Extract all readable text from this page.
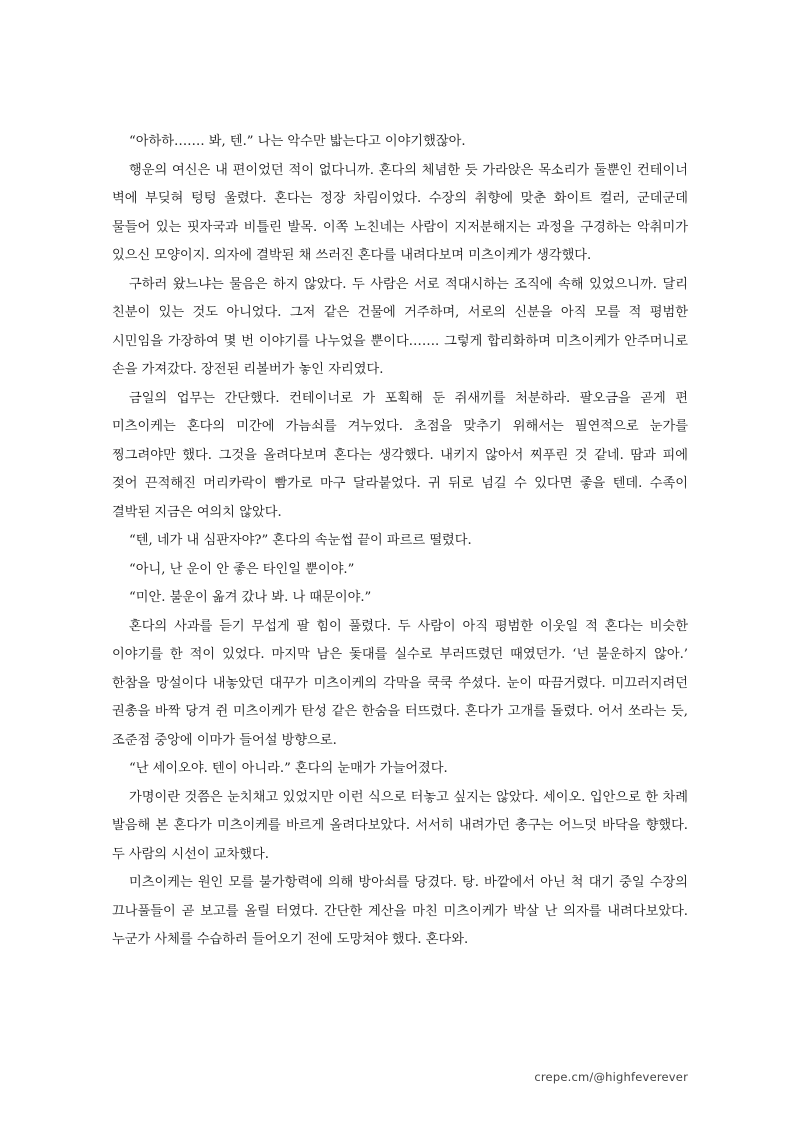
“아하하……. 봐, 텐.” 나는 악수만 밟는다고 이야기했잖아.

행운의 여신은 내 편이었던 적이 없다니까. 혼다의 체념한 듯 가라앉은 목소리가 둘뿐인 컨테이너 벽에 부딪혀 텅텅 울렸다. 혼다는 정장 차림이었다. 수장의 취향에 맞춘 화이트 컬러, 군데군데 물들어 있는 핏자국과 비틀린 발목. 이쪽 노친네는 사람이 지저분해지는 과정을 구경하는 악취미가 있으신 모양이지. 의자에 결박된 채 쓰러진 혼다를 내려다보며 미츠이케가 생각했다.

구하러 왔느냐는 물음은 하지 않았다. 두 사람은 서로 적대시하는 조직에 속해 있었으니까. 달리 친분이 있는 것도 아니었다. 그저 같은 건물에 거주하며, 서로의 신분을 아직 모를 적 평범한 시민임을 가장하여 몇 번 이야기를 나누었을 뿐이다……. 그렇게 합리화하며 미츠이케가 안주머니로 손을 가져갔다. 장전된 리볼버가 놓인 자리였다.

금일의 업무는 간단했다. 컨테이너로 가 포획해 둔 쥐새끼를 처분하라. 팔오금을 곧게 편 미츠이케는 혼다의 미간에 가늠쇠를 겨누었다. 초점을 맞추기 위해서는 필연적으로 눈가를 찡그려야만 했다. 그것을 올려다보며 혼다는 생각했다. 내키지 않아서 찌푸린 것 같네. 땀과 피에 젖어 끈적해진 머리카락이 빰가로 마구 달라붙었다. 귀 뒤로 넘길 수 있다면 좋을 텐데. 수족이 결박된 지금은 여의치 않았다.

“텐, 네가 내 심판자야?” 혼다의 속눈썹 끝이 파르르 떨렸다.

“아니, 난 운이 안 좋은 타인일 뿐이야.”

“미안. 불운이 옮겨 갔나 봐. 나 때문이야.”

혼다의 사과를 듣기 무섭게 팔 힘이 풀렸다. 두 사람이 아직 평범한 이웃일 적 혼다는 비슷한 이야기를 한 적이 있었다. 마지막 남은 돛대를 실수로 부러뜨렸던 때였던가. ‘넌 불운하지 않아.’ 한참을 망설이다 내놓았던 대꾸가 미츠이케의 각막을 쿡쿡 쑤셨다. 눈이 따끔거렸다. 미끄러지려던 권총을 바짝 당겨 쥔 미츠이케가 탄성 같은 한숨을 터뜨렸다. 혼다가 고개를 돌렸다. 어서 쏘라는 듯, 조준점 중앙에 이마가 들어설 방향으로.

“난 세이오야. 텐이 아니라.” 혼다의 눈매가 가늘어졌다.

가명이란 것쯤은 눈치채고 있었지만 이런 식으로 터놓고 싶지는 않았다. 세이오. 입안으로 한 차례 발음해 본 혼다가 미츠이케를 바르게 올려다보았다. 서서히 내려가던 총구는 어느덧 바닥을 향했다. 두 사람의 시선이 교차했다.

미츠이케는 원인 모를 불가항력에 의해 방아쇠를 당겼다. 탕. 바깥에서 아닌 척 대기 중일 수장의 끄나풀들이 곧 보고를 올릴 터였다. 간단한 계산을 마친 미츠이케가 박살 난 의자를 내려다보았다. 누군가 사체를 수습하러 들어오기 전에 도망쳐야 했다. 혼다와.

crepe.cm/@highfeverever
